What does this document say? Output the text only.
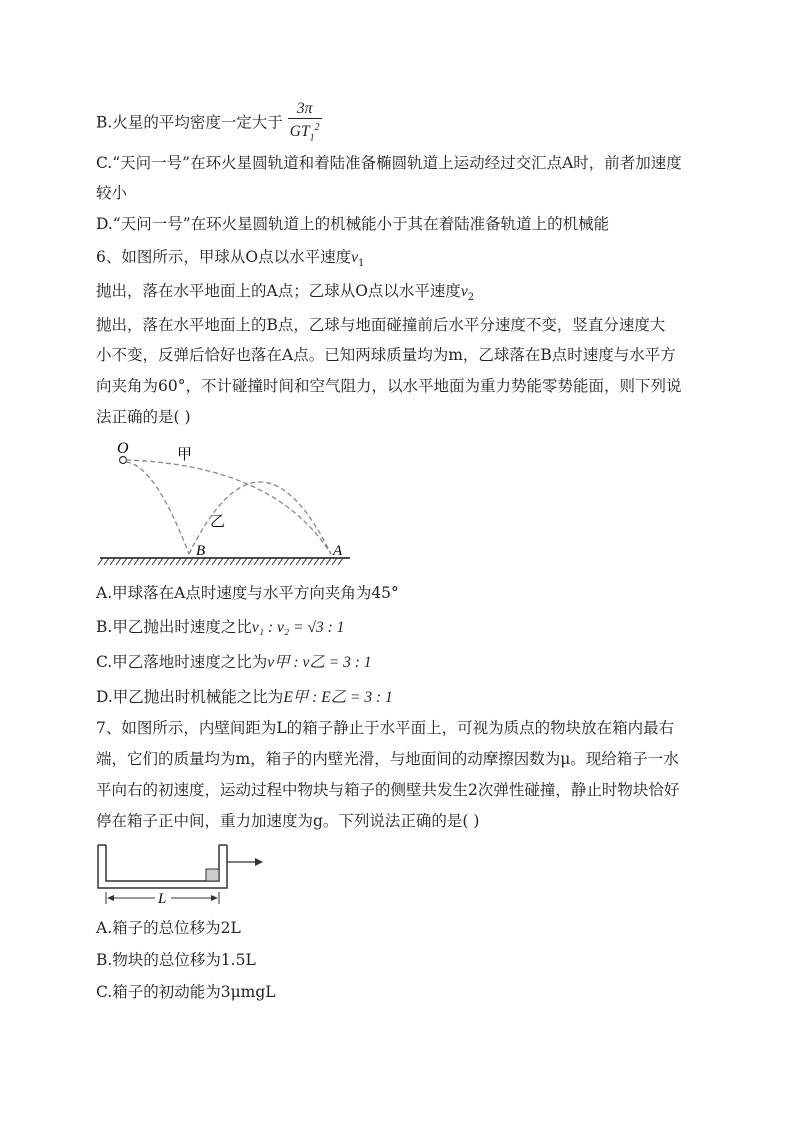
B.火星的平均密度一定大于 $\frac{3\pi}{GT_1^2}$
C.“天问一号”在环火星圆轨道和着陆准备椭圆轨道上运动经过交汇点A时，前者加速度
较小
D.“天问一号”在环火星圆轨道上的机械能小于其在着陆准备轨道上的机械能
6、如图所示，甲球从O点以水平速度$v_1$
抛出，落在水平地面上的A点；乙球从O点以水平速度$v_2$
抛出，落在水平地面上的B点，乙球与地面碰撞前后水平分速度不变，竖直分速度大
小不变，反弹后恰好也落在A点。已知两球质量均为m，乙球落在B点时速度与水平方
向夹角为60°，不计碰撞时间和空气阻力，以水平地面为重力势能零势能面，则下列说
法正确的是( )
O	甲
乙
B	A
A.甲球落在A点时速度与水平方向夹角为45°
B.甲乙抛出时速度之比v₁ : v₂ = √3 : 1
C.甲乙落地时速度之比为v甲 : v乙 = 3 : 1
D.甲乙抛出时机械能之比为E甲 : E乙 = 3 : 1
7、如图所示，内壁间距为L的箱子静止于水平面上，可视为质点的物块放在箱内最右
端，它们的质量均为m，箱子的内壁光滑，与地面间的动摩擦因数为μ。现给箱子一水
平向右的初速度，运动过程中物块与箱子的侧壁共发生2次弹性碰撞，静止时物块恰好
停在箱子正中间，重力加速度为g。下列说法正确的是( )
L
A.箱子的总位移为2L
B.物块的总位移为1.5L
C.箱子的初动能为3μmgL
